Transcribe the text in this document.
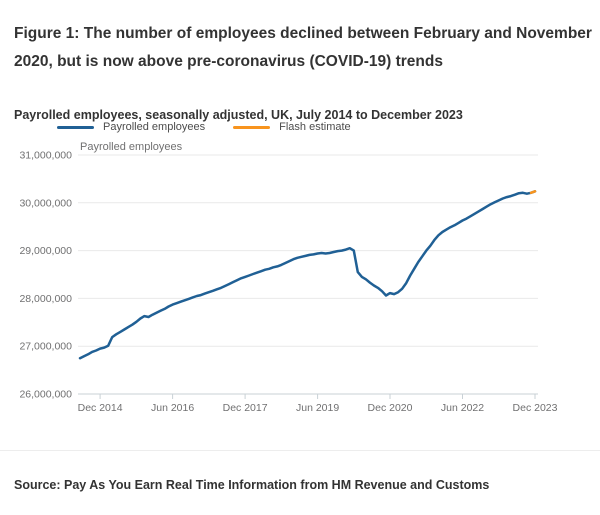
Figure 1: The number of employees declined between February and November 2020, but is now above pre-coronavirus (COVID-19) trends

Payrolled employees, seasonally adjusted, UK, July 2014 to December 2023

Payrolled employees	Flash estimate
Payrolled employees
26,000,000
27,000,000
28,000,000
29,000,000
30,000,000
31,000,000
Dec 2014	Jun 2016	Dec 2017	Jun 2019	Dec 2020	Jun 2022	Dec 2023

Source: Pay As You Earn Real Time Information from HM Revenue and Customs
